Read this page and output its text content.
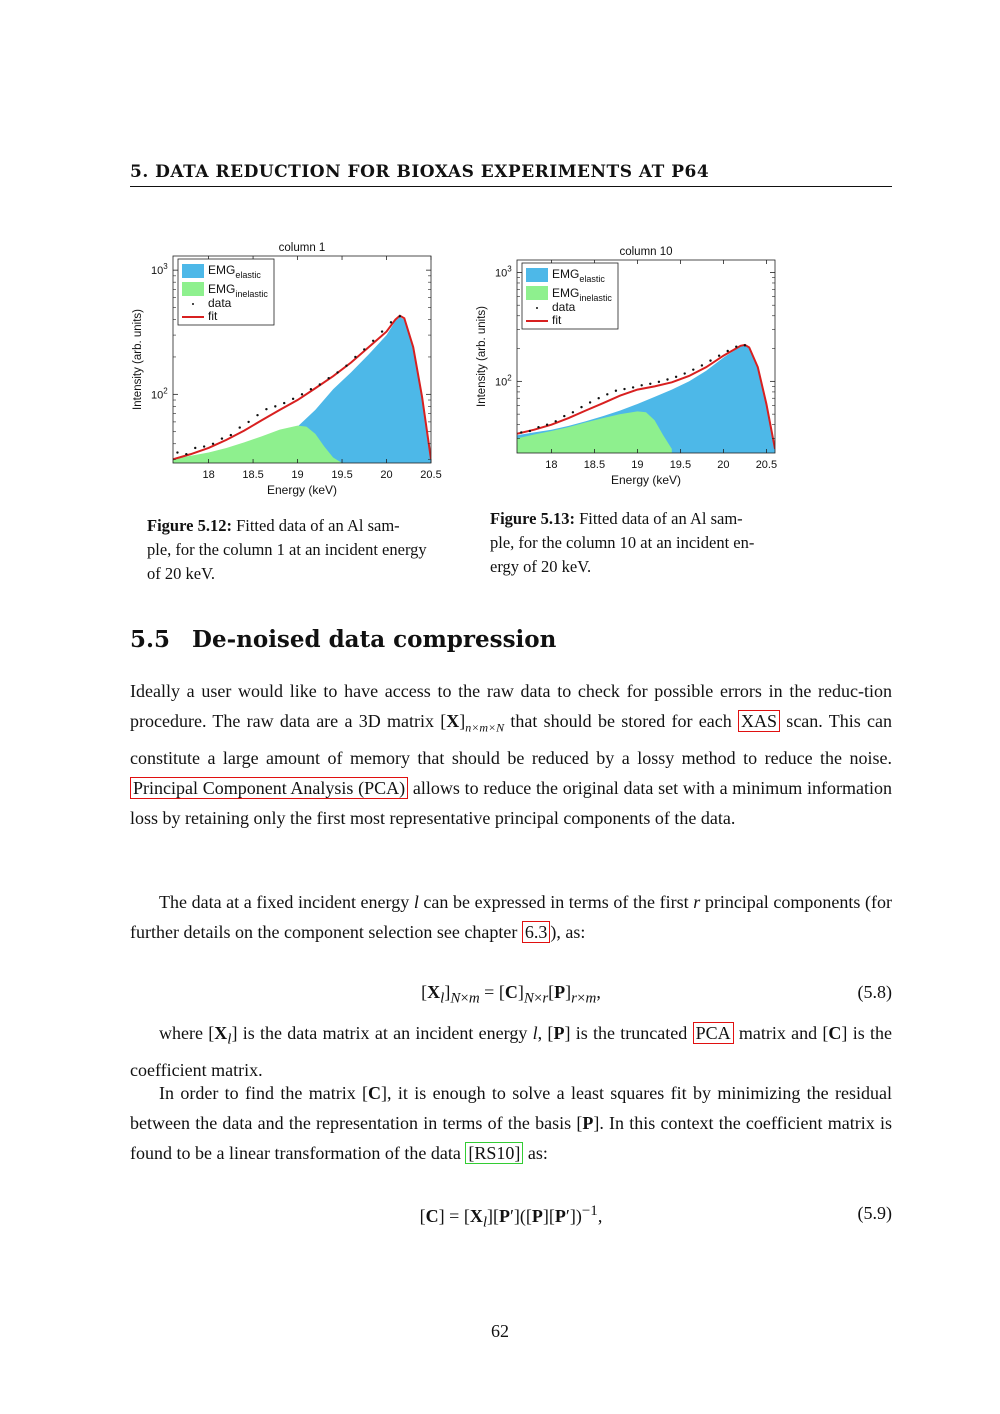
5. DATA REDUCTION FOR BIOXAS EXPERIMENTS AT P64
18	18.5	19	19.5	20	20.5
$10^2$
$10^3$
column 1
Energy (keV)
Intensity (arb. units)
$EMG_{elastic}$
$EMG_{inelastic}$
data
fit
Figure 5.12: Fitted data of an Al sam-
ple, for the column 1 at an incident energy
of 20 keV.
18 18.5 19 19.5 20 20.5
$10^2$
$10^3$
column 10
Energy (keV)
Intensity (arb. units)
$EMG_{elastic}$
$EMG_{inelastic}$
data
fit
Figure 5.13: Fitted data of an Al sam-
ple, for the column 10 at an incident en-
ergy of 20 keV.
5.5 De-noised data compression
Ideally a user would like to have access to the raw data to check for possible errors in the reduc-tion procedure. The raw data are a 3D matrix $[X]_{n\times m\times N}$ that should be stored for each XAS scan. This can constitute a large amount of memory that should be reduced by a lossy method to reduce the noise. Principal Component Analysis (PCA) allows to reduce the original data set with a minimum information loss by retaining only the first most representative principal components of the data.
The data at a fixed incident energy l can be expressed in terms of the first r principal components (for further details on the component selection see chapter 6.3 ), as:
$[X_l]_{N\times m} = [C]_{N\times r}[P]_{r\times m}$,	(5.8)
where $[X_l]$ is the data matrix at an incident energy l, [P] is the truncated PCA matrix and [C] is the coefficient matrix.
In order to find the matrix [C], it is enough to solve a least squares fit by minimizing the residual between the data and the representation in terms of the basis [P]. In this context the coefficient matrix is found to be a linear transformation of the data [RS10] as:
$[C] = [X_l][P']([P][P'])^{-1}$,	(5.9)
62
